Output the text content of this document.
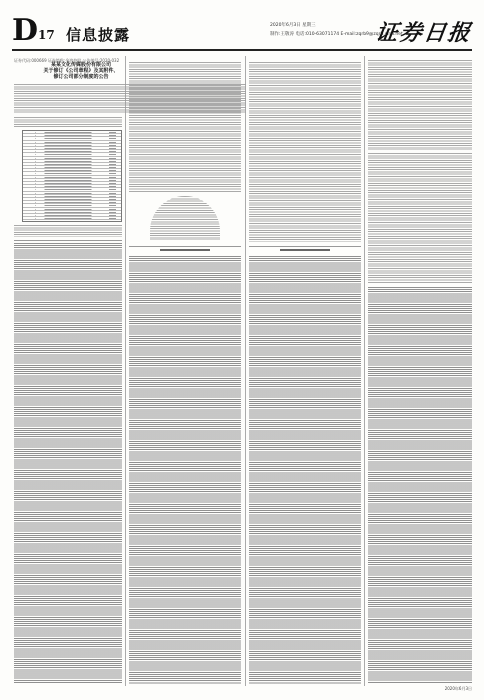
D 17 信息披露
2020年6月3日 星期三
制作:王敬涛 电话:010-63071174 E-mail:zqrb9@zqrb.sina.net
证券日报
证券代码:000669 证券简称:金鸿控股 公告编号:2020-032
某某文化传媒股份有限公司
关于修订《公司章程》及其附件、
修订公司部分制度的公告
2020年6月3日
